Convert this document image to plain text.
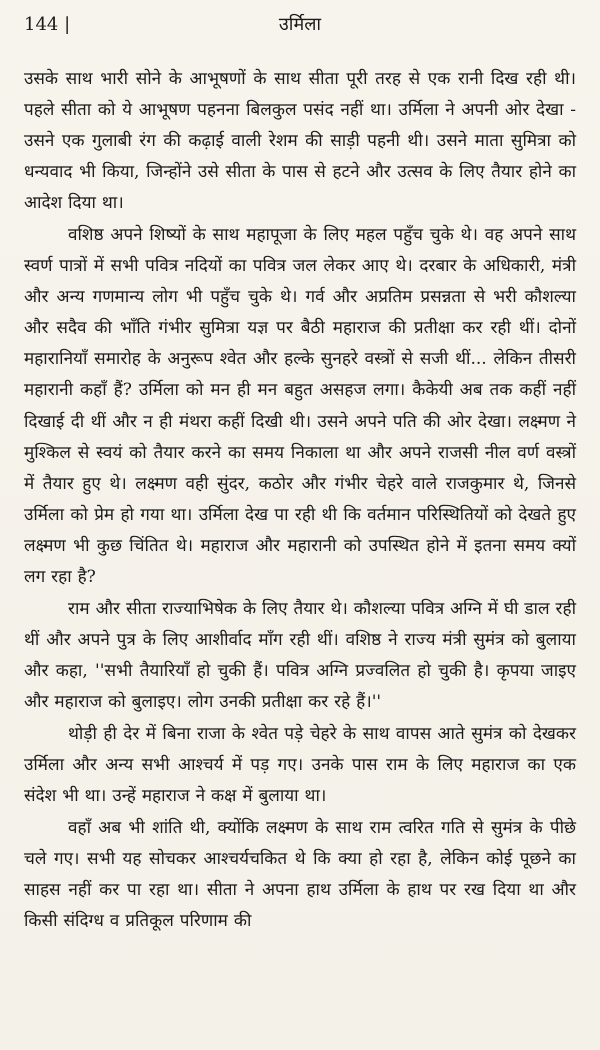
144 |	उर्मिला

उसके साथ भारी सोने के आभूषणों के साथ सीता पूरी तरह से एक रानी दिख रही थी। पहले सीता को ये आभूषण पहनना बिलकुल पसंद नहीं था। उर्मिला ने अपनी ओर देखा - उसने एक गुलाबी रंग की कढ़ाई वाली रेशम की साड़ी पहनी थी। उसने माता सुमित्रा को धन्यवाद भी किया, जिन्होंने उसे सीता के पास से हटने और उत्सव के लिए तैयार होने का आदेश दिया था।

वशिष्ठ अपने शिष्यों के साथ महापूजा के लिए महल पहुँच चुके थे। वह अपने साथ स्वर्ण पात्रों में सभी पवित्र नदियों का पवित्र जल लेकर आए थे। दरबार के अधिकारी, मंत्री और अन्य गणमान्य लोग भी पहुँच चुके थे। गर्व और अप्रतिम प्रसन्नता से भरी कौशल्या और सदैव की भाँति गंभीर सुमित्रा यज्ञ पर बैठी महाराज की प्रतीक्षा कर रही थीं। दोनों महारानियाँ समारोह के अनुरूप श्वेत और हल्के सुनहरे वस्त्रों से सजी थीं... लेकिन तीसरी महारानी कहाँ हैं? उर्मिला को मन ही मन बहुत असहज लगा। कैकेयी अब तक कहीं नहीं दिखाई दी थीं और न ही मंथरा कहीं दिखी थी। उसने अपने पति की ओर देखा। लक्ष्मण ने मुश्किल से स्वयं को तैयार करने का समय निकाला था और अपने राजसी नील वर्ण वस्त्रों में तैयार हुए थे। लक्ष्मण वही सुंदर, कठोर और गंभीर चेहरे वाले राजकुमार थे, जिनसे उर्मिला को प्रेम हो गया था। उर्मिला देख पा रही थी कि वर्तमान परिस्थितियों को देखते हुए लक्ष्मण भी कुछ चिंतित थे। महाराज और महारानी को उपस्थित होने में इतना समय क्यों लग रहा है?

राम और सीता राज्याभिषेक के लिए तैयार थे। कौशल्या पवित्र अग्नि में घी डाल रही थीं और अपने पुत्र के लिए आशीर्वाद माँग रही थीं। वशिष्ठ ने राज्य मंत्री सुमंत्र को बुलाया और कहा, ''सभी तैयारियाँ हो चुकी हैं। पवित्र अग्नि प्रज्वलित हो चुकी है। कृपया जाइए और महाराज को बुलाइए। लोग उनकी प्रतीक्षा कर रहे हैं।''

थोड़ी ही देर में बिना राजा के श्वेत पड़े चेहरे के साथ वापस आते सुमंत्र को देखकर उर्मिला और अन्य सभी आश्चर्य में पड़ गए। उनके पास राम के लिए महाराज का एक संदेश भी था। उन्हें महाराज ने कक्ष में बुलाया था।

वहाँ अब भी शांति थी, क्योंकि लक्ष्मण के साथ राम त्वरित गति से सुमंत्र के पीछे चले गए। सभी यह सोचकर आश्चर्यचकित थे कि क्या हो रहा है, लेकिन कोई पूछने का साहस नहीं कर पा रहा था। सीता ने अपना हाथ उर्मिला के हाथ पर रख दिया था और किसी संदिग्ध व प्रतिकूल परिणाम की
